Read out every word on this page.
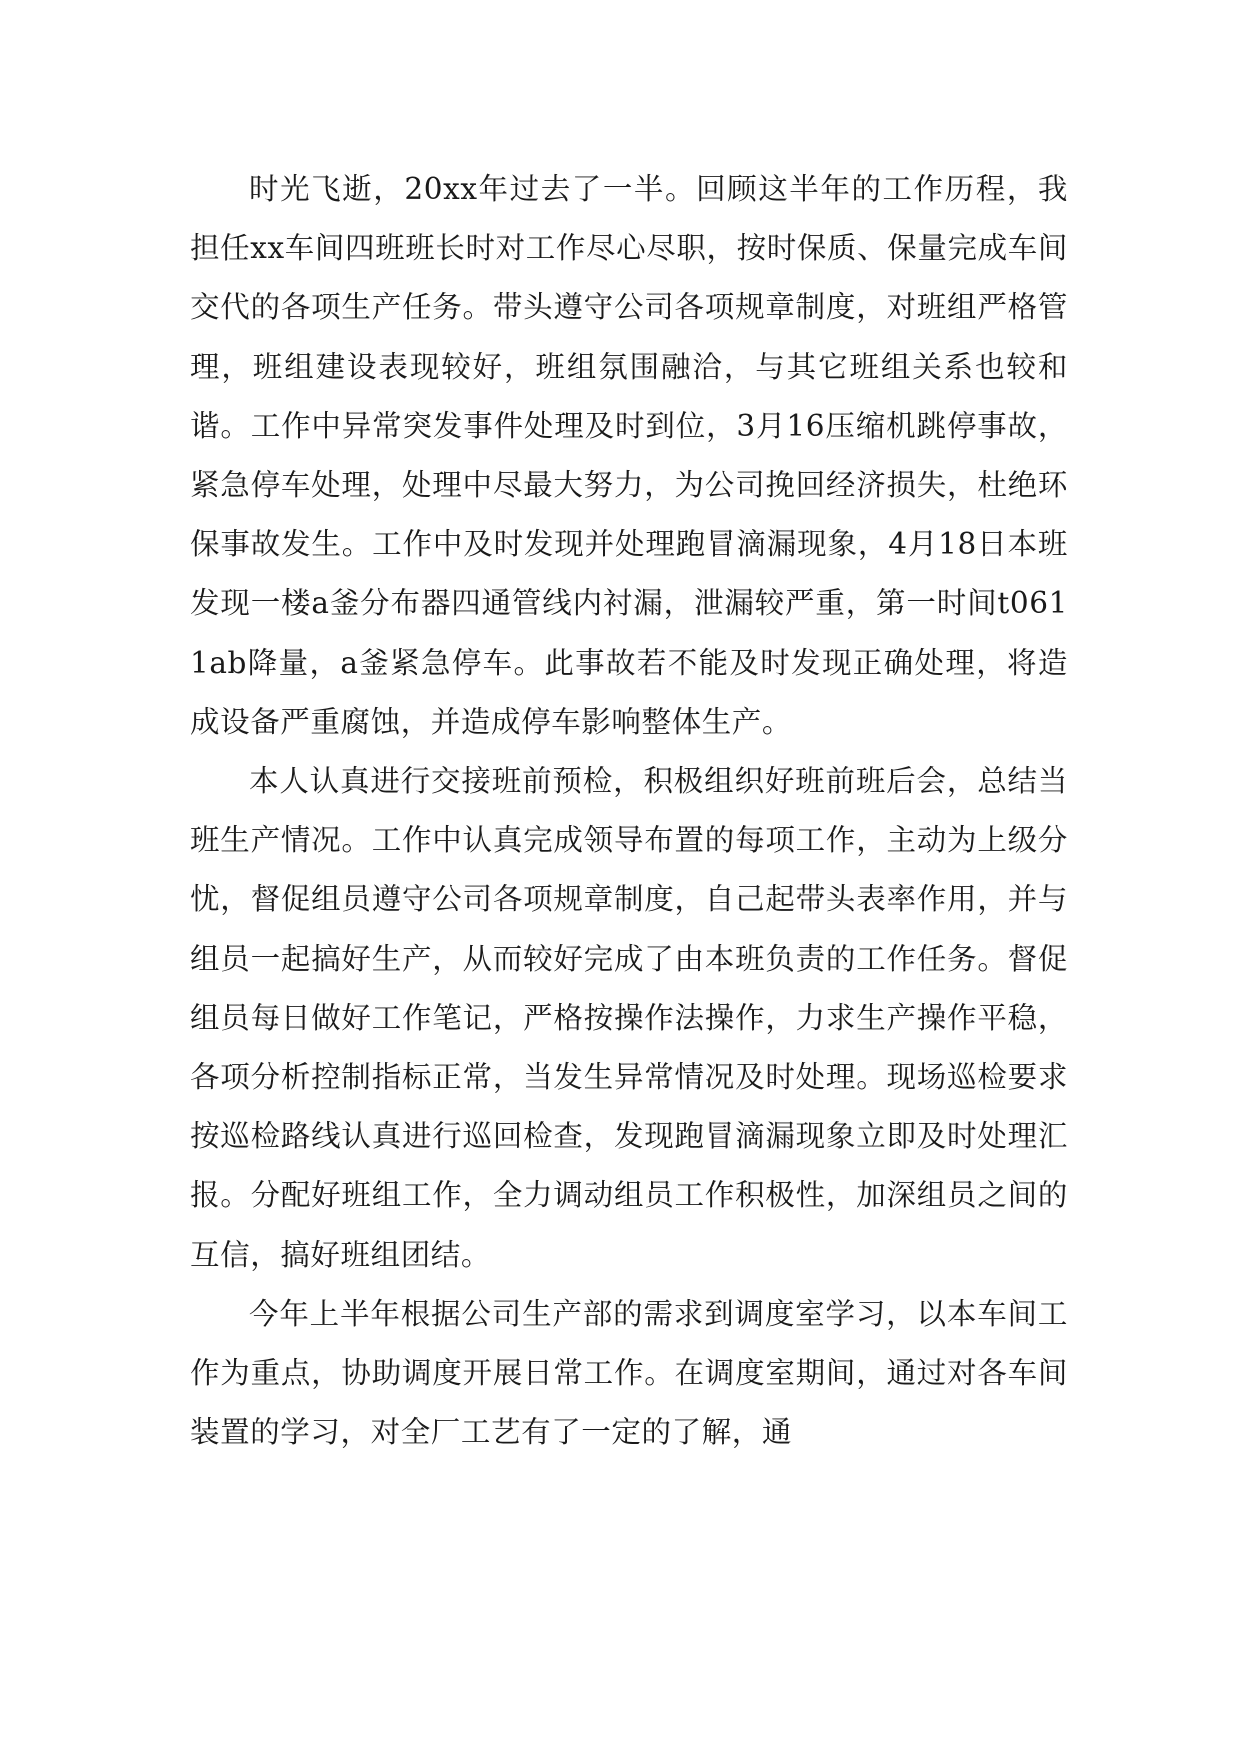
时光飞逝，20xx年过去了一半。回顾这半年的工作历程，我担任xx车间四班班长时对工作尽心尽职，按时保质、保量完成车间交代的各项生产任务。带头遵守公司各项规章制度，对班组严格管理，班组建设表现较好，班组氛围融洽，与其它班组关系也较和谐。工作中异常突发事件处理及时到位，3月16压缩机跳停事故，紧急停车处理，处理中尽最大努力，为公司挽回经济损失，杜绝环保事故发生。工作中及时发现并处理跑冒滴漏现象，4月18日本班发现一楼a釜分布器四通管线内衬漏，泄漏较严重，第一时间t0611ab降量，a釜紧急停车。此事故若不能及时发现正确处理，将造成设备严重腐蚀，并造成停车影响整体生产。

本人认真进行交接班前预检，积极组织好班前班后会，总结当班生产情况。工作中认真完成领导布置的每项工作，主动为上级分忧，督促组员遵守公司各项规章制度，自己起带头表率作用，并与组员一起搞好生产，从而较好完成了由本班负责的工作任务。督促组员每日做好工作笔记，严格按操作法操作，力求生产操作平稳，各项分析控制指标正常，当发生异常情况及时处理。现场巡检要求按巡检路线认真进行巡回检查，发现跑冒滴漏现象立即及时处理汇报。分配好班组工作，全力调动组员工作积极性，加深组员之间的互信，搞好班组团结。

今年上半年根据公司生产部的需求到调度室学习，以本车间工作为重点，协助调度开展日常工作。在调度室期间，通过对各车间装置的学习，对全厂工艺有了一定的了解，通
